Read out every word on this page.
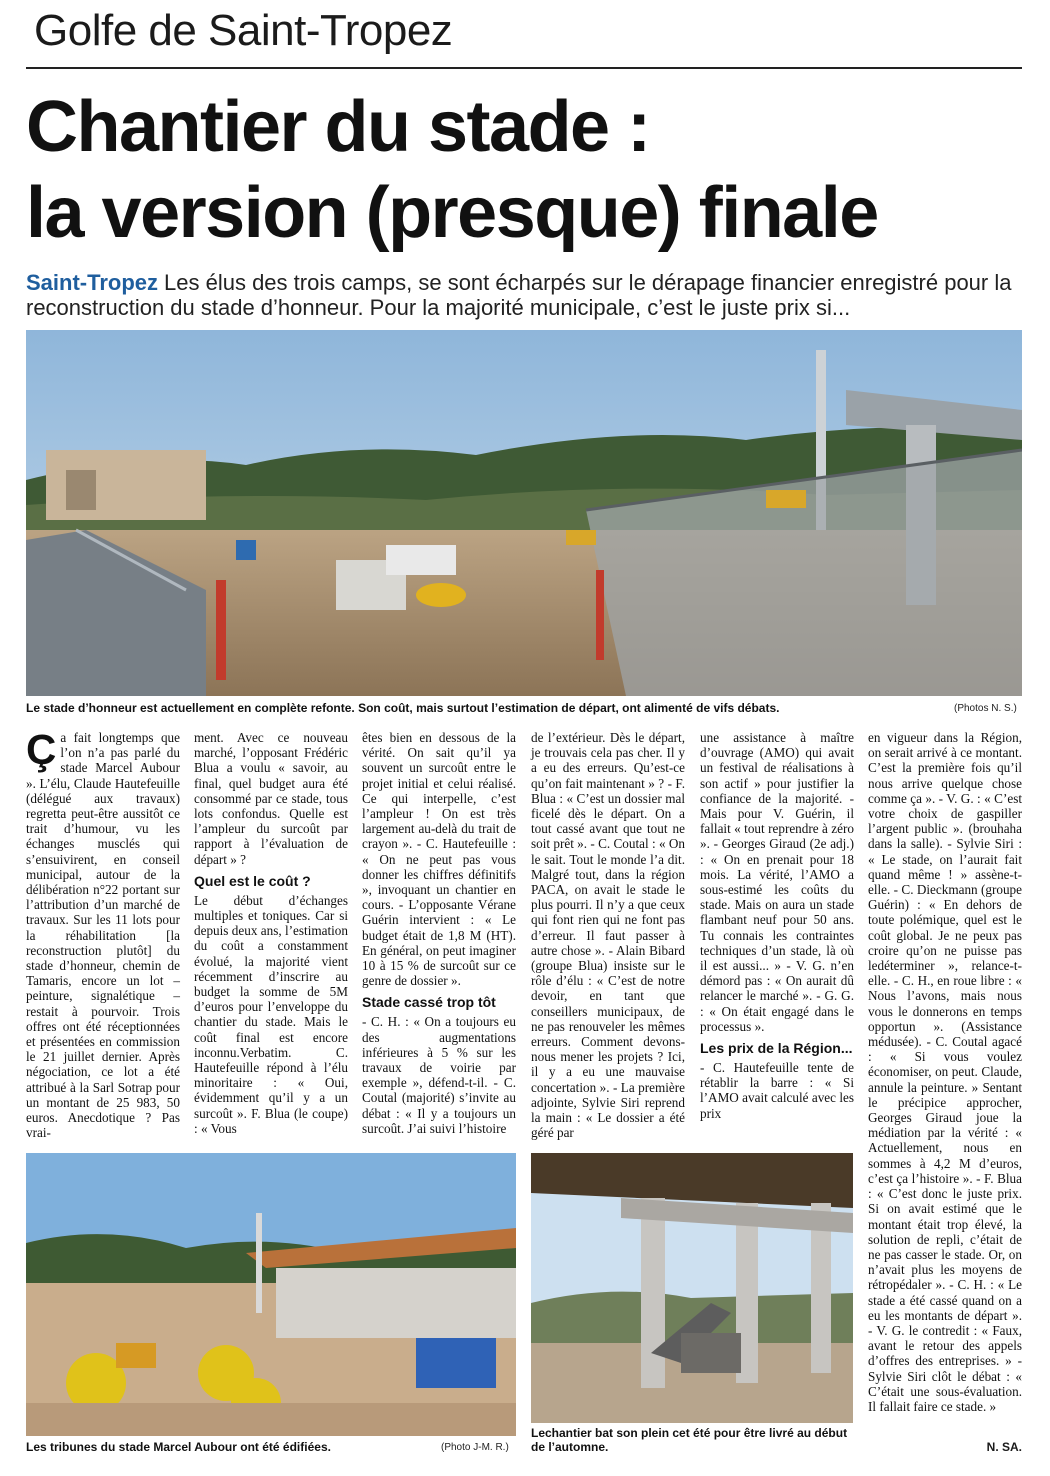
Golfe de Saint-Tropez
Chantier du stade :
la version (presque) finale
Saint-Tropez Les élus des trois camps, se sont écharpés sur le dérapage financier enregistré pour la reconstruction du stade d’honneur. Pour la majorité municipale, c’est le juste prix si...
Le stade d’honneur est actuellement en complète refonte. Son coût, mais surtout l’estimation de départ, ont alimenté de vifs débats.	(Photos N. S.)
Ça fait longtemps que l’on n’a pas parlé du stade Marcel Aubour ». L’élu, Claude Hautefeuille (délégué aux travaux) regretta peut-être aussitôt ce trait d’humour, vu les échanges musclés qui s’ensuivirent, en conseil municipal, autour de la délibération n°22 portant sur l’attribution d’un marché de travaux. Sur les 11 lots pour la réhabilitation [la reconstruction plutôt] du stade d’honneur, chemin de Tamaris, encore un lot – peinture, signalétique – restait à pourvoir. Trois offres ont été réceptionnées et présentées en commission le 21 juillet dernier. Après négociation, ce lot a été attribué à la Sarl Sotrap pour un montant de 25 983, 50 euros. Anecdotique ? Pas vrai-

ment. Avec ce nouveau marché, l’opposant Frédéric Blua a voulu « savoir, au final, quel budget aura été consommé par ce stade, tous lots confondus. Quelle est l’ampleur du surcoût par rapport à l’évaluation de départ » ?

Quel est le coût ?

Le début d’échanges multiples et toniques. Car si depuis deux ans, l’estimation du coût a constamment évolué, la majorité vient récemment d’inscrire au budget la somme de 5M d’euros pour l’enveloppe du chantier du stade. Mais le coût final est encore inconnu.Verbatim. C. Hautefeuille répond à l’élu minoritaire : « Oui, évidemment qu’il y a un surcoût ». F. Blua (le coupe) : « Vous

êtes bien en dessous de la vérité. On sait qu’il ya souvent un surcoût entre le projet initial et celui réalisé. Ce qui interpelle, c’est l’ampleur ! On est très largement au-delà du trait de crayon ». - C. Hautefeuille : « On ne peut pas vous donner les chiffres définitifs », invoquant un chantier en cours. - L’opposante Vérane Guérin intervient : « Le budget était de 1,8 M (HT). En général, on peut imaginer 10 à 15 % de surcoût sur ce genre de dossier ».

Stade cassé trop tôt

- C. H. : « On a toujours eu des augmentations inférieures à 5 % sur les travaux de voirie par exemple », défend-t-il. - C. Coutal (majorité) s’invite au débat : « Il y a toujours un surcoût. J’ai suivi l’histoire

de l’extérieur. Dès le départ, je trouvais cela pas cher. Il y a eu des erreurs. Qu’est-ce qu’on fait maintenant » ? - F. Blua : « C’est un dossier mal ficelé dès le départ. On a tout cassé avant que tout ne soit prêt ». - C. Coutal : « On le sait. Tout le monde l’a dit. Malgré tout, dans la région PACA, on avait le stade le plus pourri. Il n’y a que ceux qui font rien qui ne font pas d’erreur. Il faut passer à autre chose ». - Alain Bibard (groupe Blua) insiste sur le rôle d’élu : « C’est de notre devoir, en tant que conseillers municipaux, de ne pas renouveler les mêmes erreurs. Comment devons-nous mener les projets ? Ici, il y a eu une mauvaise concertation ». - La première adjointe, Sylvie Siri reprend la main : « Le dossier a été géré par

une assistance à maître d’ouvrage (AMO) qui avait un festival de réalisations à son actif » pour justifier la confiance de la majorité. - Mais pour V. Guérin, il fallait « tout reprendre à zéro ». - Georges Giraud (2e adj.) : « On en prenait pour 18 mois. La vérité, l’AMO a sous-estimé les coûts du stade. Mais on aura un stade flambant neuf pour 50 ans. Tu connais les contraintes techniques d’un stade, là où il est aussi... » - V. G. n’en démord pas : « On aurait dû relancer le marché ». - G. G. : « On était engagé dans le processus ».

Les prix de la Région...

- C. Hautefeuille tente de rétablir la barre : « Si l’AMO avait calculé avec les prix

en vigueur dans la Région, on serait arrivé à ce montant. C’est la première fois qu’il nous arrive quelque chose comme ça ». - V. G. : « C’est votre choix de gaspiller l’argent public ». (brouhaha dans la salle). - Sylvie Siri : « Le stade, on l’aurait fait quand même ! » assène-t-elle. - C. Dieckmann (groupe Guérin) : « En dehors de toute polémique, quel est le coût global. Je ne peux pas croire qu’on ne puisse pas ledéterminer », relance-t-elle. - C. H., en roue libre : « Nous l’avons, mais nous vous le donnerons en temps opportun ». (Assistance médusée). - C. Coutal agacé : « Si vous voulez économiser, on peut. Claude, annule la peinture. » Sentant le précipice approcher, Georges Giraud joue la médiation par la vérité : « Actuellement, nous en sommes à 4,2 M d’euros, c’est ça l’histoire ». - F. Blua : « C’est donc le juste prix. Si on avait estimé que le montant était trop élevé, la solution de repli, c’était de ne pas casser le stade. Or, on n’avait plus les moyens de rétropédaler ». - C. H. : « Le stade a été cassé quand on a eu les montants de départ ». - V. G. le contredit : « Faux, avant le retour des appels d’offres des entreprises. » - Sylvie Siri clôt le débat : « C’était une sous-évaluation. Il fallait faire ce stade. »

N. SA.
Les tribunes du stade Marcel Aubour ont été édifiées.	(Photo J-M. R.)
Lechantier bat son plein cet été pour être livré au début de l’automne.
